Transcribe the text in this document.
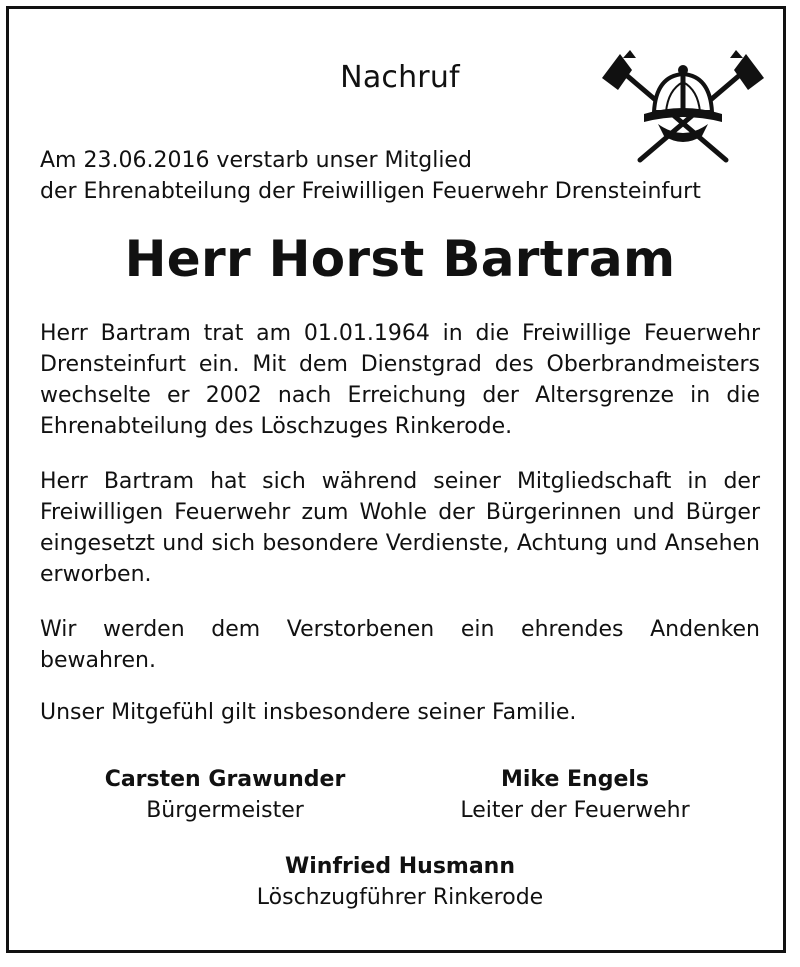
Nachruf
Am 23.06.2016 verstarb unser Mitglied
der Ehrenabteilung der Freiwilligen Feuerwehr Drensteinfurt
Herr Horst Bartram
Herr Bartram trat am 01.01.1964 in die Freiwillige Feuerwehr Drensteinfurt ein. Mit dem Dienstgrad des Oberbrandmeisters wechselte er 2002 nach Erreichung der Altersgrenze in die Ehrenabteilung des Löschzuges Rinkerode.
Herr Bartram hat sich während seiner Mitgliedschaft in der Freiwilligen Feuerwehr zum Wohle der Bürgerinnen und Bürger eingesetzt und sich besondere Verdienste, Achtung und Ansehen erworben.
Wir werden dem Verstorbenen ein ehrendes Andenken bewahren.
Unser Mitgefühl gilt insbesondere seiner Familie.
Carsten Grawunder
Bürgermeister
Mike Engels
Leiter der Feuerwehr
Winfried Husmann
Löschzugführer Rinkerode
